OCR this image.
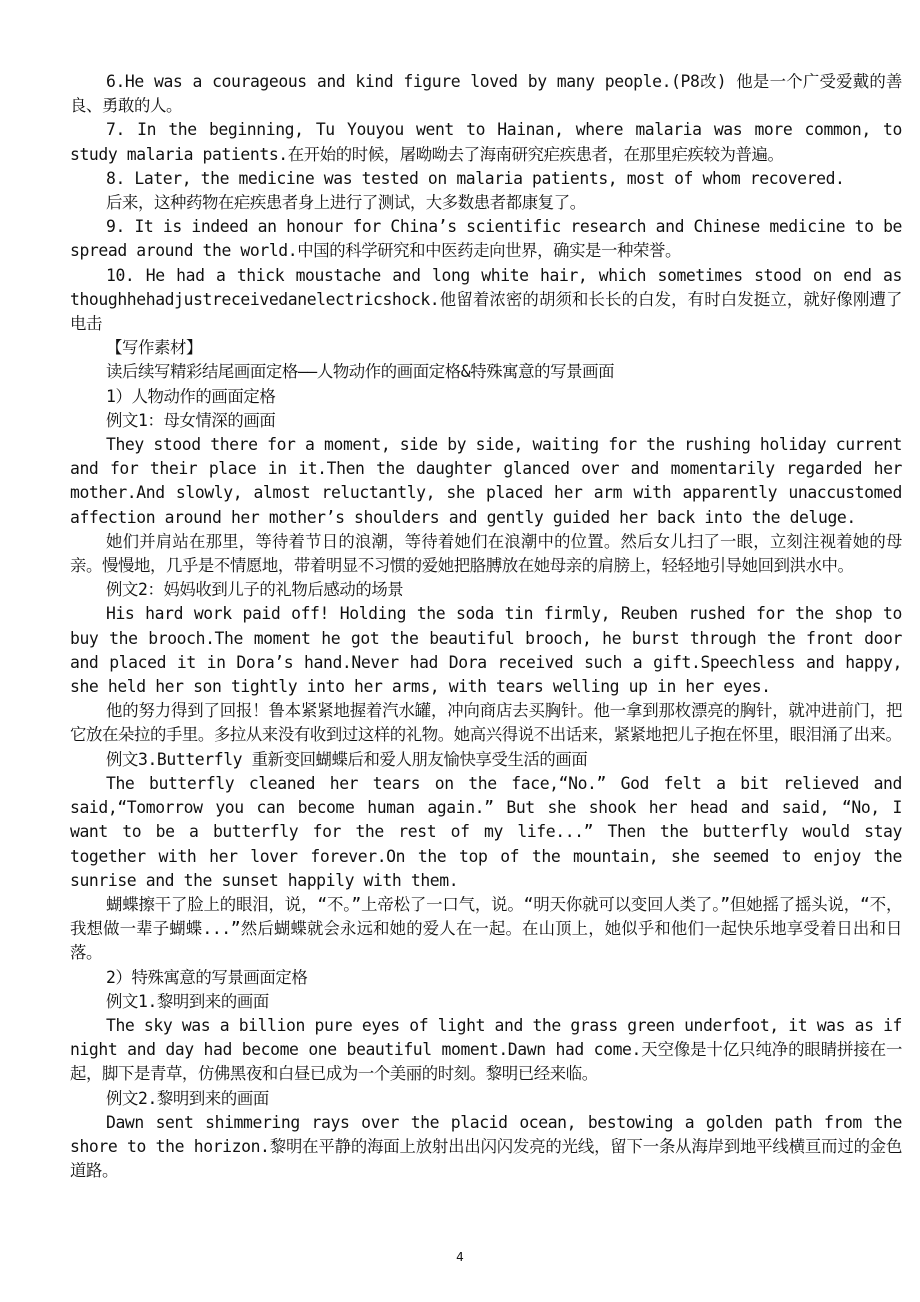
6.He was a courageous and kind figure loved by many people.(P8改) 他是一个广受爱戴的善良、勇敢的人。

7. In the beginning, Tu Youyou went to Hainan, where malaria was more common, to study malaria patients.在开始的时候，屠呦呦去了海南研究疟疾患者，在那里疟疾较为普遍。

8. Later, the medicine was tested on malaria patients, most of whom recovered.

后来，这种药物在疟疾患者身上进行了测试，大多数患者都康复了。

9. It is indeed an honour for China’s scientific research and Chinese medicine to be spread around the world.中国的科学研究和中医药走向世界，确实是一种荣誉。

10. He had a thick moustache and long white hair, which sometimes stood on end as thoughhehadjustreceivedanelectricshock.他留着浓密的胡须和长长的白发，有时白发挺立，就好像刚遭了电击

【写作素材】

读后续写精彩结尾画面定格——人物动作的画面定格&特殊寓意的写景画面

1）人物动作的画面定格

例文1：母女情深的画面

They stood there for a moment, side by side, waiting for the rushing holiday current and for their place in it.Then the daughter glanced over and momentarily regarded her mother.And slowly, almost reluctantly, she placed her arm with apparently unaccustomed affection around her mother’s shoulders and gently guided her back into the deluge.

她们并肩站在那里，等待着节日的浪潮，等待着她们在浪潮中的位置。然后女儿扫了一眼，立刻注视着她的母亲。慢慢地，几乎是不情愿地，带着明显不习惯的爱她把胳膊放在她母亲的肩膀上，轻轻地引导她回到洪水中。

例文2：妈妈收到儿子的礼物后感动的场景

His hard work paid off! Holding the soda tin firmly, Reuben rushed for the shop to buy the brooch.The moment he got the beautiful brooch, he burst through the front door and placed it in Dora’s hand.Never had Dora received such a gift.Speechless and happy, she held her son tightly into her arms, with tears welling up in her eyes.

他的努力得到了回报！鲁本紧紧地握着汽水罐，冲向商店去买胸针。他一拿到那枚漂亮的胸针，就冲进前门，把它放在朵拉的手里。多拉从来没有收到过这样的礼物。她高兴得说不出话来，紧紧地把儿子抱在怀里，眼泪涌了出来。

例文3.Butterfly 重新变回蝴蝶后和爱人朋友愉快享受生活的画面

The butterfly cleaned her tears on the face,“No.” God felt a bit relieved and said,“Tomorrow you can become human again.” But she shook her head and said, “No, I want to be a butterfly for the rest of my life...” Then the butterfly would stay together with her lover forever.On the top of the mountain, she seemed to enjoy the sunrise and the sunset happily with them.

蝴蝶擦干了脸上的眼泪，说，“不。”上帝松了一口气，说。“明天你就可以变回人类了。”但她摇了摇头说，“不，我想做一辈子蝴蝶...”然后蝴蝶就会永远和她的爱人在一起。在山顶上，她似乎和他们一起快乐地享受着日出和日落。

2）特殊寓意的写景画面定格

例文1.黎明到来的画面

The sky was a billion pure eyes of light and the grass green underfoot, it was as if night and day had become one beautiful moment.Dawn had come.天空像是十亿只纯净的眼睛拼接在一起，脚下是青草，仿佛黑夜和白昼已成为一个美丽的时刻。黎明已经来临。

例文2.黎明到来的画面

Dawn sent shimmering rays over the placid ocean, bestowing a golden path from the shore to the horizon.黎明在平静的海面上放射出出闪闪发亮的光线，留下一条从海岸到地平线横亘而过的金色道路。

4
